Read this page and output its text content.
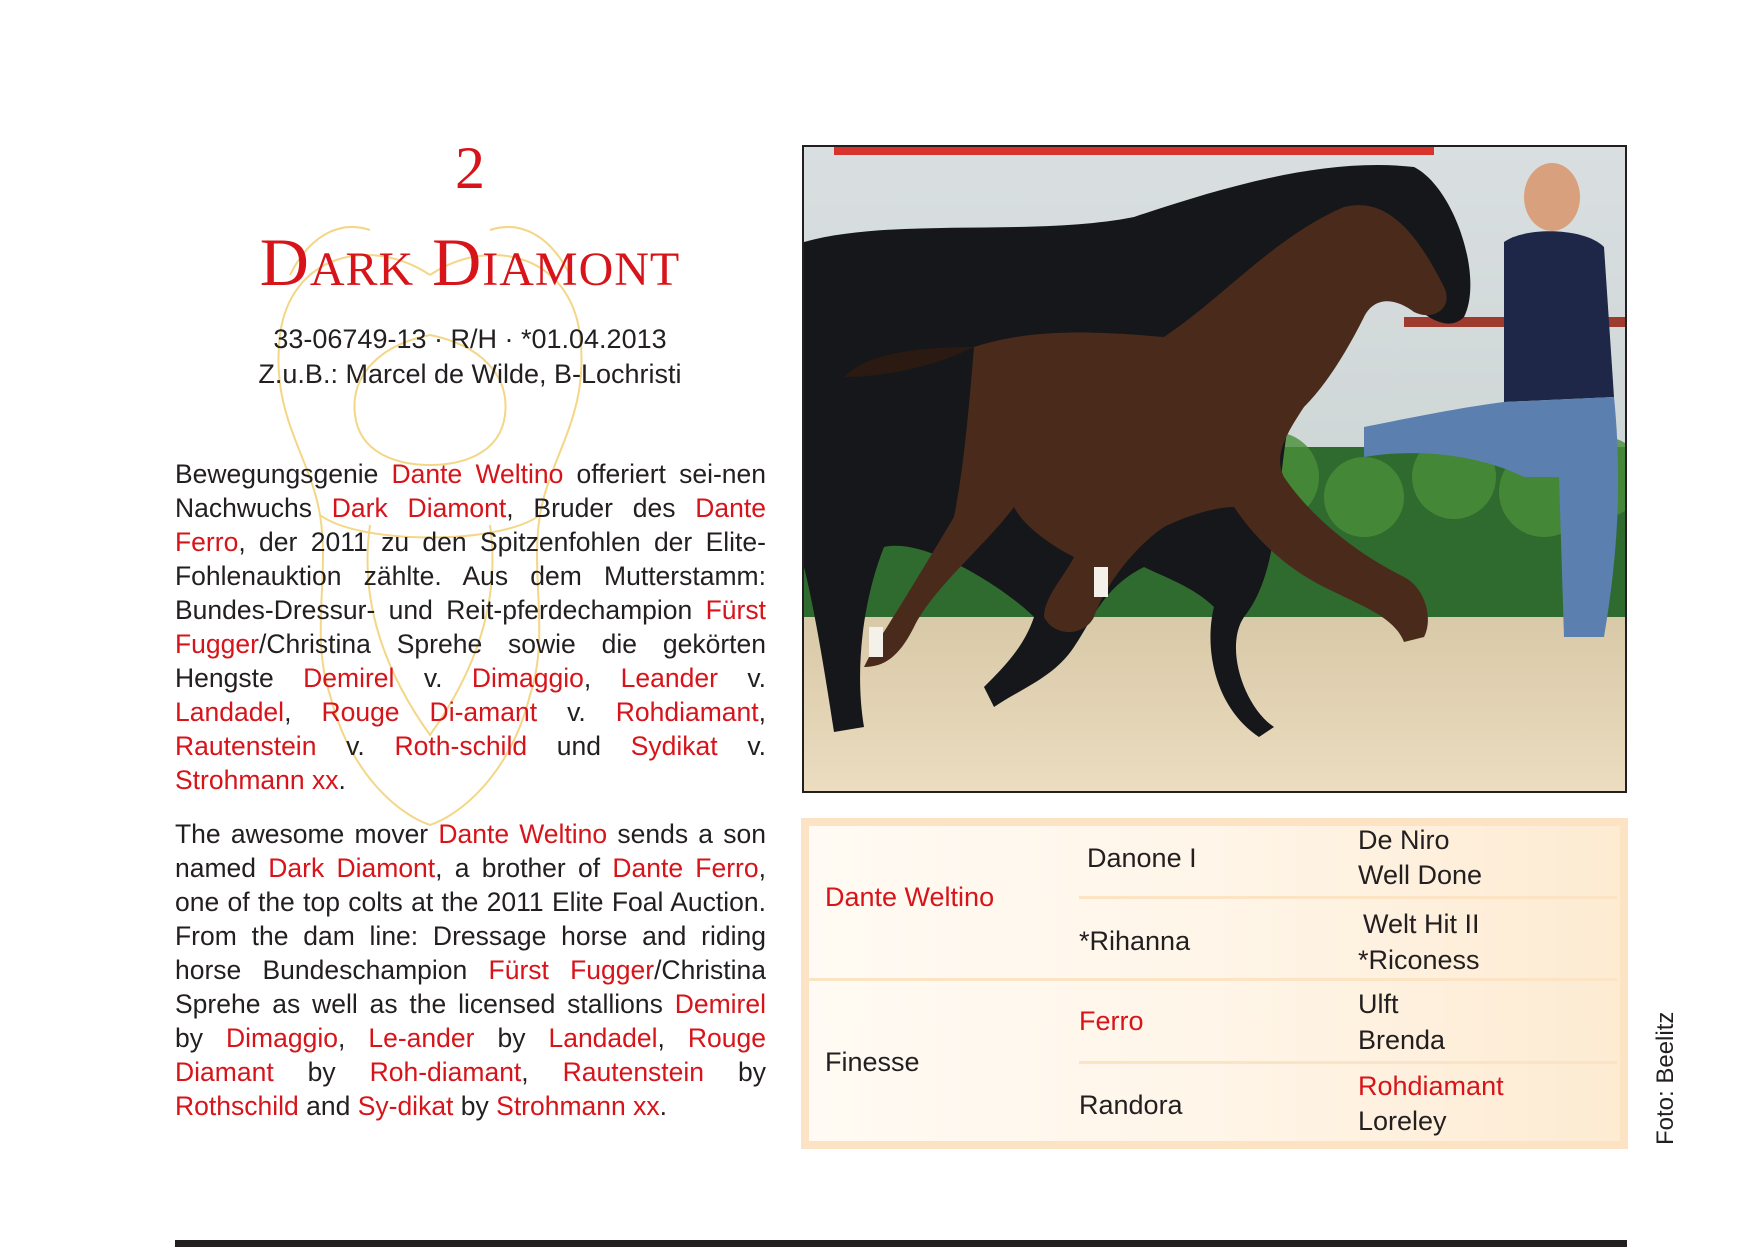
2
Dark Diamont
33-06749-13 · R/H · *01.04.2013
Z.u.B.: Marcel de Wilde, B-Lochristi
Bewegungsgenie Dante Weltino offeriert sei-nen Nachwuchs Dark Diamont, Bruder des Dante Ferro, der 2011 zu den Spitzenfohlen der Elite-Fohlenauktion zählte. Aus dem Mutterstamm: Bundes-Dressur- und Reit-pferdechampion Fürst Fugger/Christina Sprehe sowie die gekörten Hengste Demirel v. Dimaggio, Leander v. Landadel, Rouge Di-amant v. Rohdiamant, Rautenstein v. Roth-schild und Sydikat v. Strohmann xx.
The awesome mover Dante Weltino sends a son named Dark Diamont, a brother of Dante Ferro, one of the top colts at the 2011 Elite Foal Auction. From the dam line: Dressage horse and riding horse Bundeschampion Fürst Fugger/Christina Sprehe as well as the licensed stallions Demirel by Dimaggio, Le-ander by Landadel, Rouge Diamant by Roh-diamant, Rautenstein by Rothschild and Sy-dikat by Strohmann xx.
Dante Weltino
Finesse
Danone I
*Rihanna
Ferro
Randora
De Niro
Well Done
Welt Hit II
*Riconess
Ulft
Brenda
Rohdiamant
Loreley	Foto: Beelitz
